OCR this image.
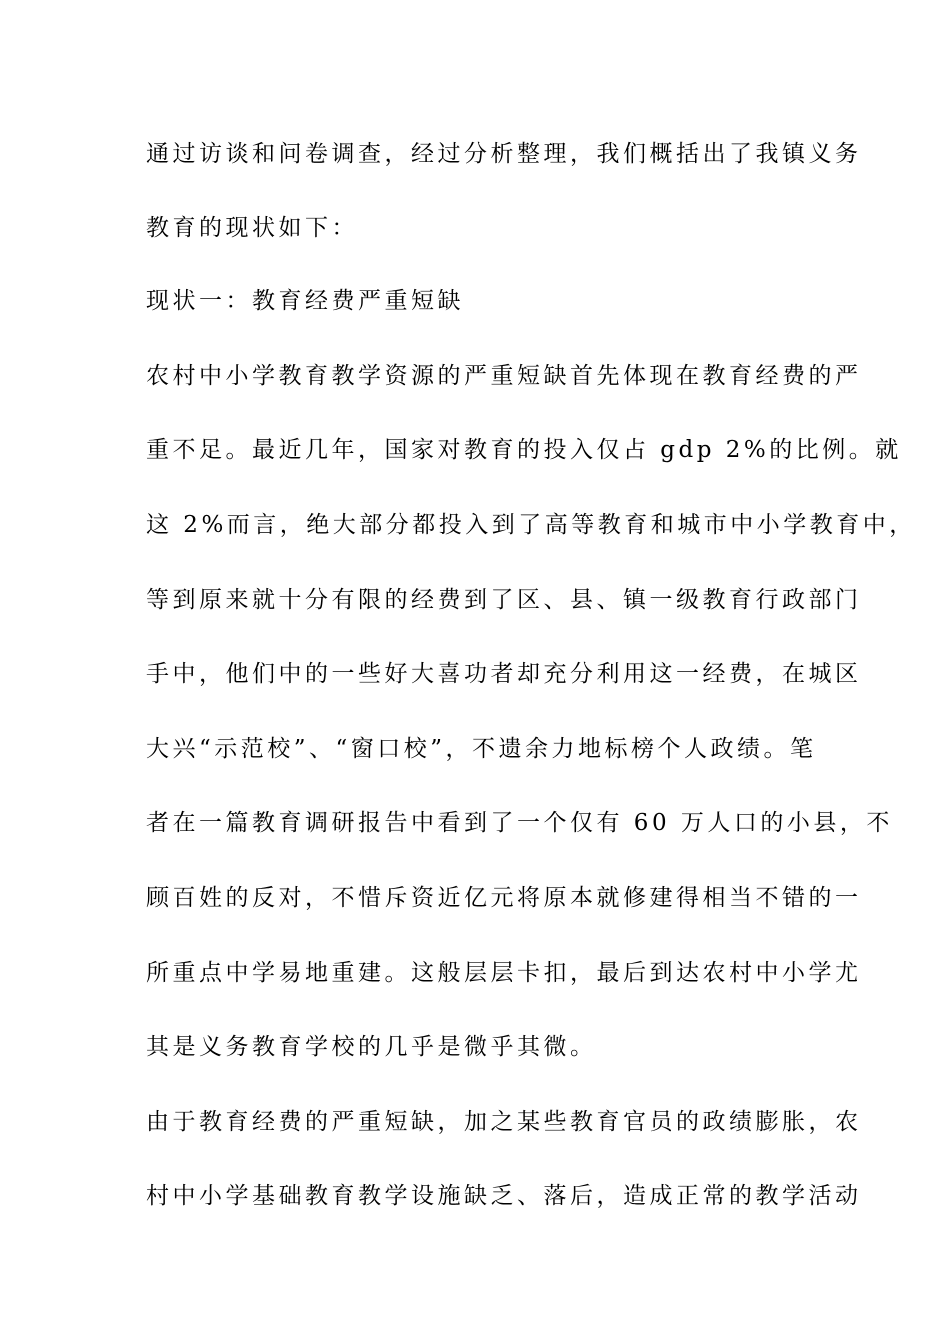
通过访谈和问卷调查，经过分析整理，我们概括出了我镇义务
教育的现状如下：
现状一：教育经费严重短缺
农村中小学教育教学资源的严重短缺首先体现在教育经费的严
重不足。最近几年，国家对教育的投入仅占 gdp 2%的比例。就
这 2%而言，绝大部分都投入到了高等教育和城市中小学教育中，
等到原来就十分有限的经费到了区、县、镇一级教育行政部门
手中，他们中的一些好大喜功者却充分利用这一经费，在城区
大兴“示范校”、“窗口校”，不遗余力地标榜个人政绩。笔
者在一篇教育调研报告中看到了一个仅有 60 万人口的小县，不
顾百姓的反对，不惜斥资近亿元将原本就修建得相当不错的一
所重点中学易地重建。这般层层卡扣，最后到达农村中小学尤
其是义务教育学校的几乎是微乎其微。
由于教育经费的严重短缺，加之某些教育官员的政绩膨胀，农
村中小学基础教育教学设施缺乏、落后，造成正常的教学活动
